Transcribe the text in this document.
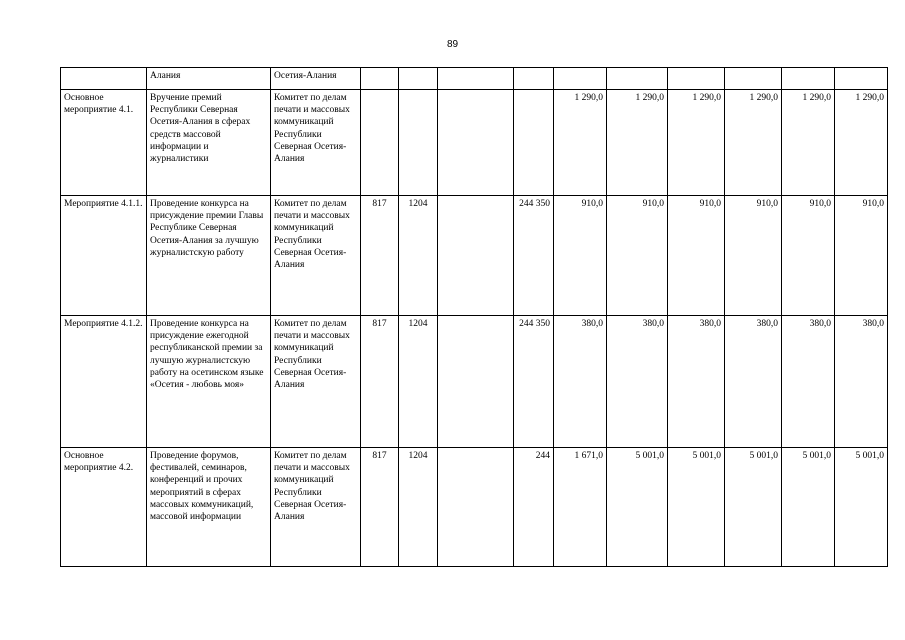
89
	Алания	Осетия-Алания										
Основное мероприятие 4.1.	Вручение премий Республики Северная Осетия-Алания в сферах средств массовой информации и журналистики	Комитет по делам печати и массовых коммуникаций Республики Северная Осетия-Алания					1 290,0	1 290,0	1 290,0	1 290,0	1 290,0	1 290,0
Мероприятие 4.1.1.	Проведение конкурса на присуждение премии Главы Республике Северная Осетия-Алания за лучшую журналистскую работу	Комитет по делам печати и массовых коммуникаций Республики Северная Осетия-Алания	817	1204		244 350	910,0	910,0	910,0	910,0	910,0	910,0
Мероприятие 4.1.2.	Проведение конкурса на присуждение ежегодной республиканской премии за лучшую журналистскую работу на осетинском языке «Осетия - любовь моя»	Комитет по делам печати и массовых коммуникаций Республики Северная Осетия-Алания	817	1204		244 350	380,0	380,0	380,0	380,0	380,0	380,0
Основное мероприятие 4.2.	Проведение форумов, фестивалей, семинаров, конференций и прочих мероприятий в сферах массовых коммуникаций, массовой информации	Комитет по делам печати и массовых коммуникаций Республики Северная Осетия-Алания	817	1204		244	1 671,0	5 001,0	5 001,0	5 001,0	5 001,0	5 001,0
